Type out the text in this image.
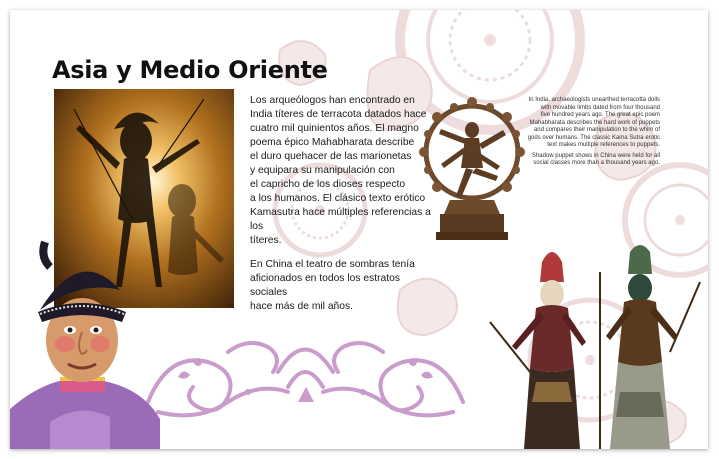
Asia y Medio Oriente

Los arqueólogos han encontrado en
India títeres de terracota datados hace
cuatro mil quinientos años. El magno
poema épico Mahabharata describe
el duro quehacer de las marionetas
y equipara su manipulación con
el capricho de los dioses respecto
a los humanos. El clásico texto erótico
Kamasutra hace múltiples referencias a los
títeres.

En China el teatro de sombras tenía
aficionados en todos los estratos sociales
hace más de mil años.

In India, archaeologists unearthed terracotta dolls
with movable limbs dated from four thousand
five hundred years ago. The great epic poem
Mahabharata describes the hard work of puppets
and compares their manipulation to the whim of
gods over humans. The classic Kama Sutra erotic
text makes multiple references to puppets.

Shadow puppet shows in China were held for all
social classes more than a thousand years ago.
